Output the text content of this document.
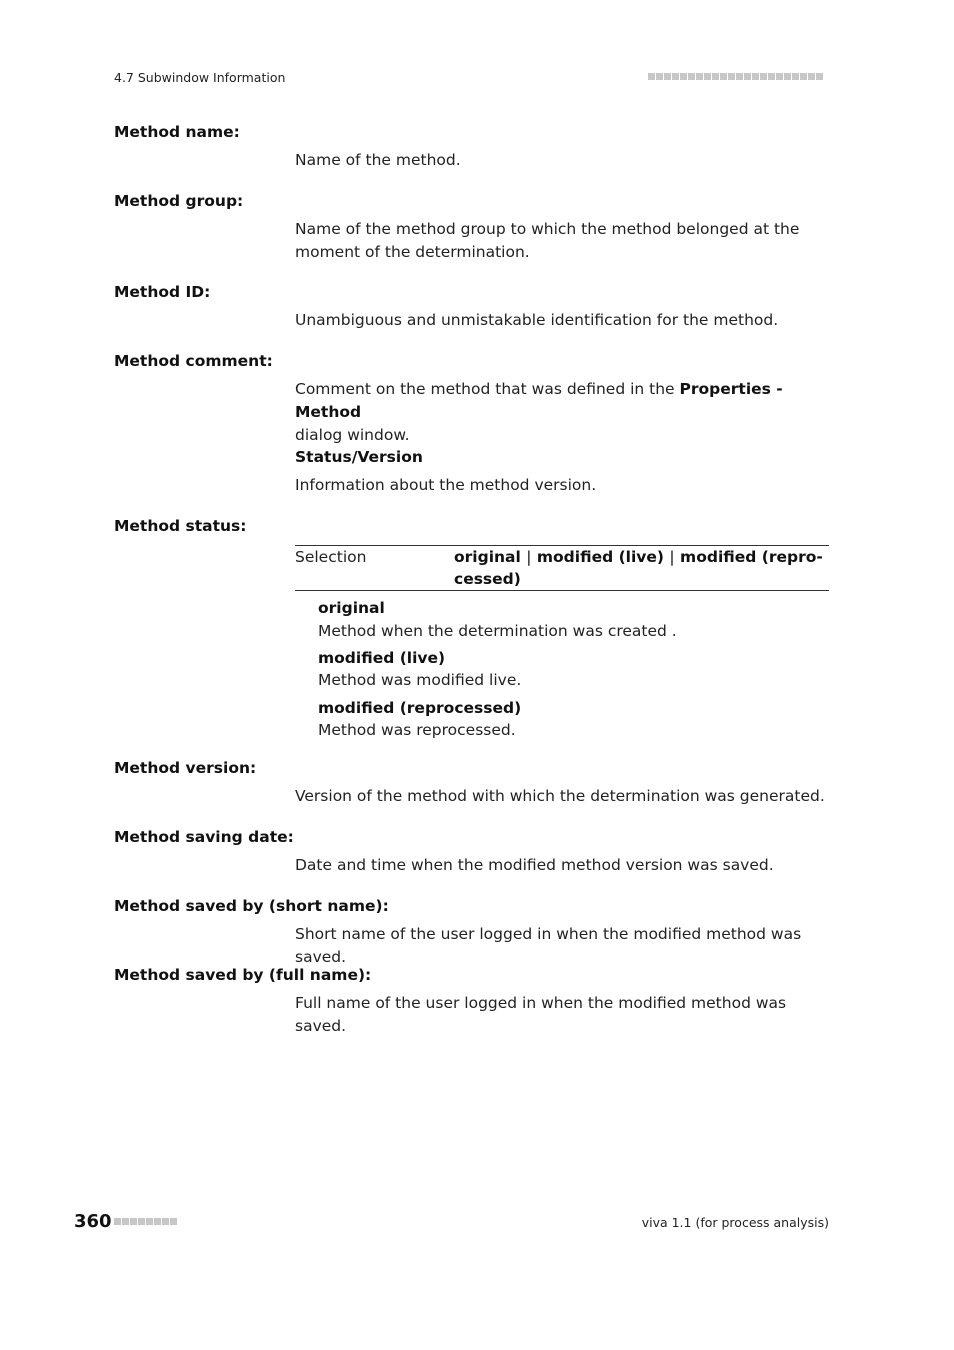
4.7 Subwindow Information
Method name:
Name of the method.
Method group:
Name of the method group to which the method belonged at the
moment of the determination.
Method ID:
Unambiguous and unmistakable identification for the method.
Method comment:
Comment on the method that was defined in the Properties - Method
dialog window.
Status/Version
Information about the method version.
Method status:
Selection	original | modified (live) | modified (repro-
cessed)
original
Method when the determination was created .
modified (live)
Method was modified live.
modified (reprocessed)
Method was reprocessed.
Method version:
Version of the method with which the determination was generated.
Method saving date:
Date and time when the modified method version was saved.
Method saved by (short name):
Short name of the user logged in when the modified method was saved.
Method saved by (full name):
Full name of the user logged in when the modified method was saved.
360	viva 1.1 (for process analysis)
